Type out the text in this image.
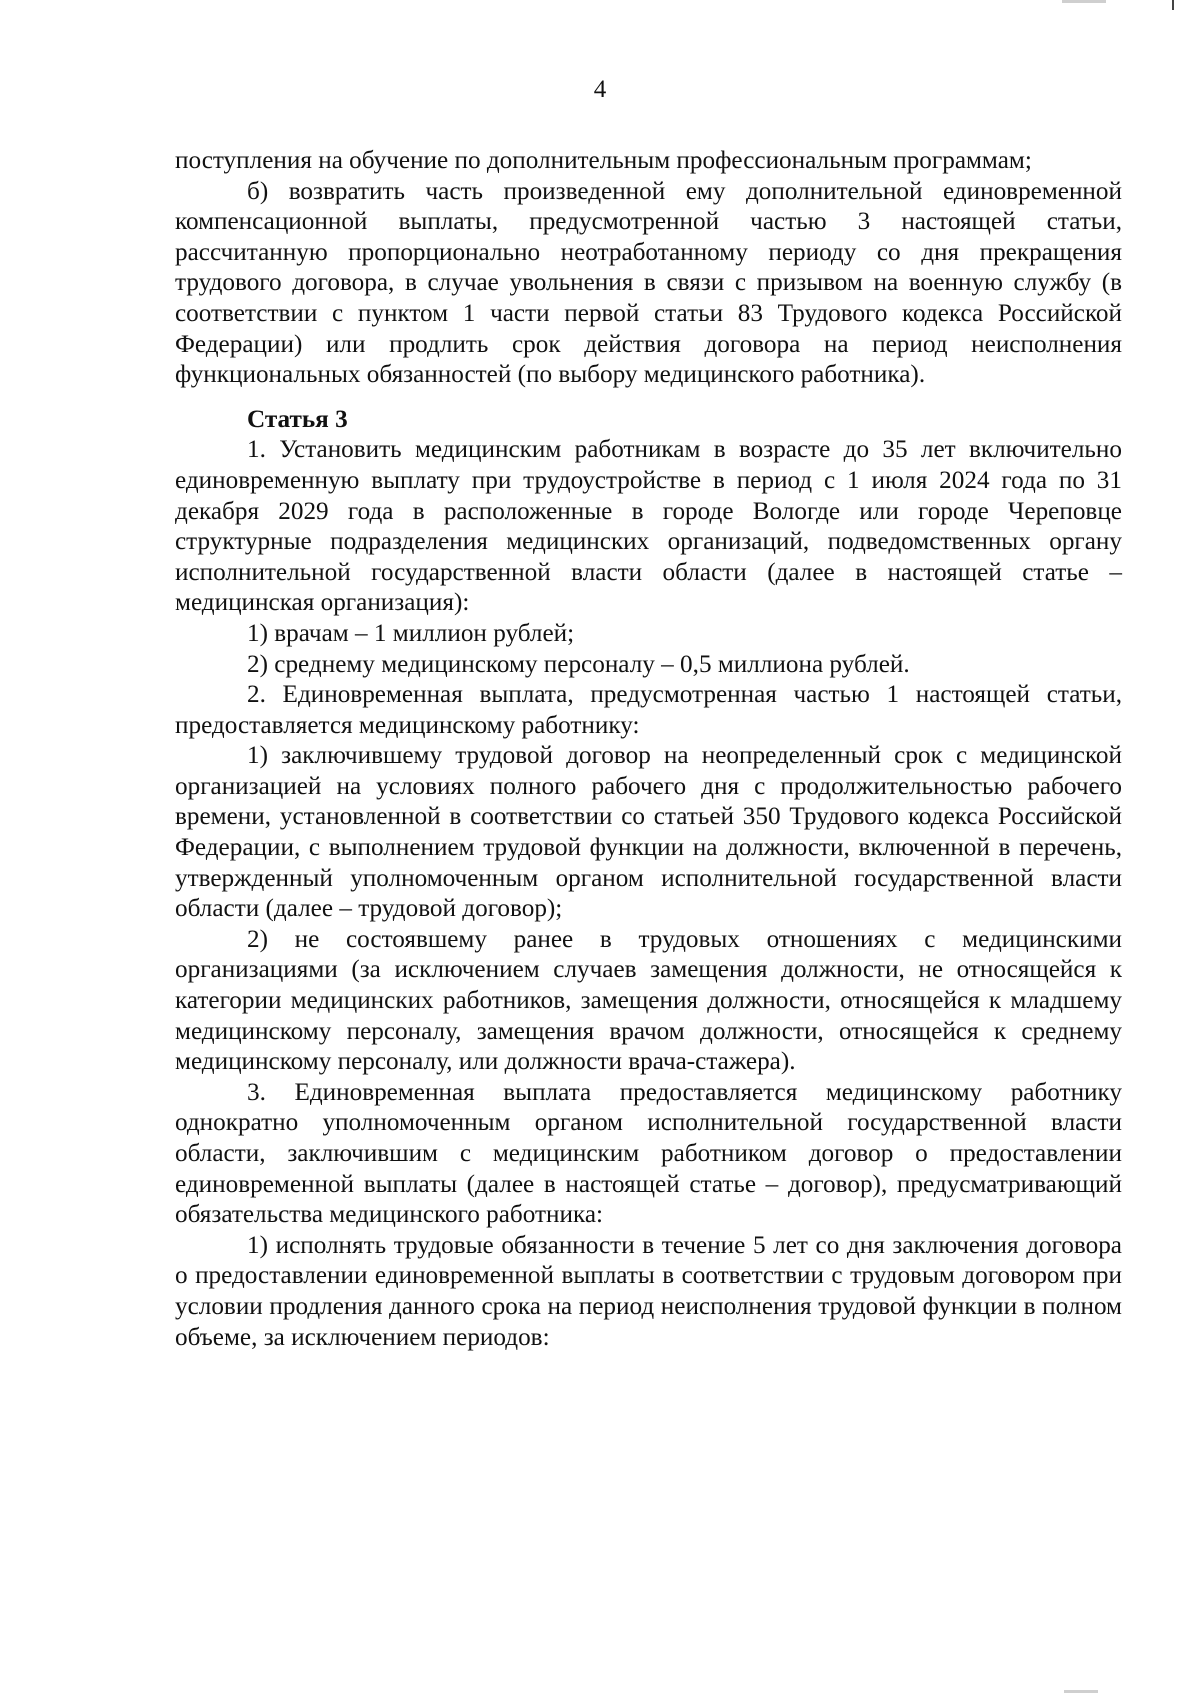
4

поступления на обучение по дополнительным профессиональным программам;

б) возвратить часть произведенной ему дополнительной единовременной компенсационной выплаты, предусмотренной частью 3 настоящей статьи, рассчитанную пропорционально неотработанному периоду со дня прекращения трудового договора, в случае увольнения в связи с призывом на военную службу (в соответствии с пунктом 1 части первой статьи 83 Трудового кодекса Российской Федерации) или продлить срок действия договора на период неисполнения функциональных обязанностей (по выбору медицинского работника).

Статья 3

1. Установить медицинским работникам в возрасте до 35 лет включительно единовременную выплату при трудоустройстве в период с 1 июля 2024 года по 31 декабря 2029 года в расположенные в городе Вологде или городе Череповце структурные подразделения медицинских организаций, подведомственных органу исполнительной государственной власти области (далее в настоящей статье – медицинская организация):

1) врачам – 1 миллион рублей;

2) среднему медицинскому персоналу – 0,5 миллиона рублей.

2. Единовременная выплата, предусмотренная частью 1 настоящей статьи, предоставляется медицинскому работнику:

1) заключившему трудовой договор на неопределенный срок с медицинской организацией на условиях полного рабочего дня с продолжительностью рабочего времени, установленной в соответствии со статьей 350 Трудового кодекса Российской Федерации, с выполнением трудовой функции на должности, включенной в перечень, утвержденный уполномоченным органом исполнительной государственной власти области (далее – трудовой договор);

2) не состоявшему ранее в трудовых отношениях с медицинскими организациями (за исключением случаев замещения должности, не относящейся к категории медицинских работников, замещения должности, относящейся к младшему медицинскому персоналу, замещения врачом должности, относящейся к среднему медицинскому персоналу, или должности врача-стажера).

3. Единовременная выплата предоставляется медицинскому работнику однократно уполномоченным органом исполнительной государственной власти области, заключившим с медицинским работником договор о предоставлении единовременной выплаты (далее в настоящей статье – договор), предусматривающий обязательства медицинского работника:

1) исполнять трудовые обязанности в течение 5 лет со дня заключения договора о предоставлении единовременной выплаты в соответствии с трудовым договором при условии продления данного срока на период неисполнения трудовой функции в полном объеме, за исключением периодов:
